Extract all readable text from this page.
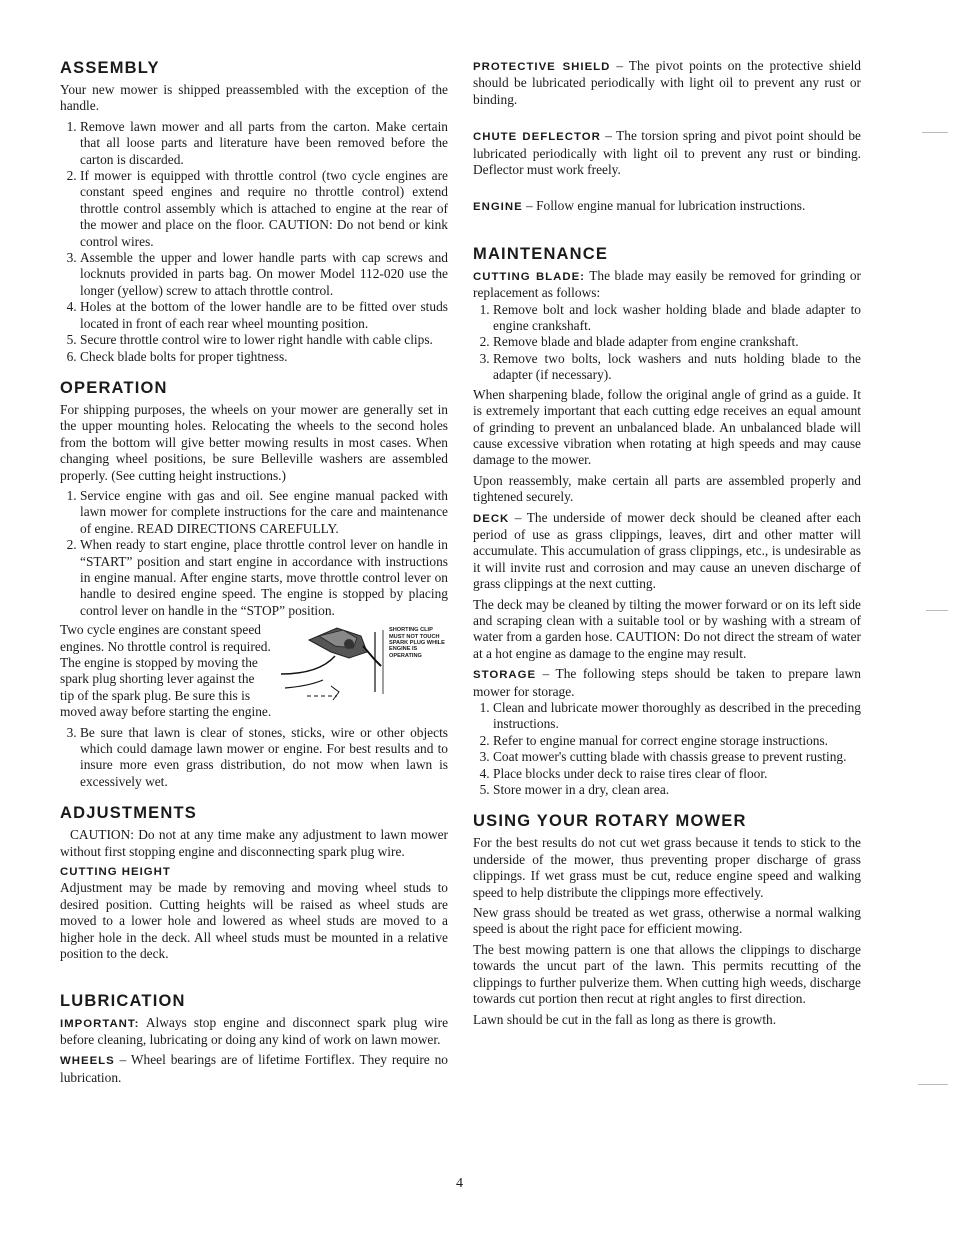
ASSEMBLY

Your new mower is shipped preassembled with the exception of the handle.

1. Remove lawn mower and all parts from the carton. Make certain that all loose parts and literature have been removed before the carton is discarded.
2. If mower is equipped with throttle control (two cycle engines are constant speed engines and require no throttle control) extend throttle control assembly which is attached to engine at the rear of the mower and place on the floor. CAUTION: Do not bend or kink control wires.
3. Assemble the upper and lower handle parts with cap screws and locknuts provided in parts bag. On mower Model 112-020 use the longer (yellow) screw to attach throttle control.
4. Holes at the bottom of the lower handle are to be fitted over studs located in front of each rear wheel mounting position.
5. Secure throttle control wire to lower right handle with cable clips.
6. Check blade bolts for proper tightness.
OPERATION

For shipping purposes, the wheels on your mower are generally set in the upper mounting holes. Relocating the wheels to the second holes from the bottom will give better mowing results in most cases. When changing wheel positions, be sure Belleville washers are assembled properly. (See cutting height instructions.)

1. Service engine with gas and oil. See engine manual packed with lawn mower for complete instructions for the care and maintenance of engine. READ DIRECTIONS CAREFULLY.
2. When ready to start engine, place throttle control lever on handle in “START” position and start engine in accordance with instructions in engine manual. After engine starts, move throttle control lever on handle to desired engine speed. The engine is stopped by placing control lever on handle in the “STOP” position.
SHORTING CLIP MUST NOT TOUCH SPARK PLUG WHILE ENGINE IS OPERATING

Two cycle engines are constant speed engines. No throttle control is required. The engine is stopped by moving the spark plug shorting lever against the tip of the spark plug. Be sure this is moved away before starting the engine.

3. Be sure that lawn is clear of stones, sticks, wire or other objects which could damage lawn mower or engine. For best results and to insure more even grass distribution, do not mow when lawn is excessively wet.
ADJUSTMENTS

CAUTION: Do not at any time make any adjustment to lawn mower without first stopping engine and disconnecting spark plug wire.

CUTTING HEIGHT

Adjustment may be made by removing and moving wheel studs to desired position. Cutting heights will be raised as wheel studs are moved to a lower hole and lowered as wheel studs are moved to a higher hole in the deck. All wheel studs must be mounted in a relative position to the deck.

LUBRICATION

IMPORTANT: Always stop engine and disconnect spark plug wire before cleaning, lubricating or doing any kind of work on lawn mower.

WHEELS – Wheel bearings are of lifetime Fortiflex. They require no lubrication.

PROTECTIVE SHIELD – The pivot points on the protective shield should be lubricated periodically with light oil to prevent any rust or binding.

CHUTE DEFLECTOR – The torsion spring and pivot point should be lubricated periodically with light oil to prevent any rust or binding. Deflector must work freely.

ENGINE – Follow engine manual for lubrication instructions.

MAINTENANCE

CUTTING BLADE: The blade may easily be removed for grinding or replacement as follows:

1. Remove bolt and lock washer holding blade and blade adapter to engine crankshaft.
2. Remove blade and blade adapter from engine crankshaft.
3. Remove two bolts, lock washers and nuts holding blade to the adapter (if necessary).

When sharpening blade, follow the original angle of grind as a guide. It is extremely important that each cutting edge receives an equal amount of grinding to prevent an unbalanced blade. An unbalanced blade will cause excessive vibration when rotating at high speeds and may cause damage to the mower.

Upon reassembly, make certain all parts are assembled properly and tightened securely.

DECK – The underside of mower deck should be cleaned after each period of use as grass clippings, leaves, dirt and other matter will accumulate. This accumulation of grass clippings, etc., is undesirable as it will invite rust and corrosion and may cause an uneven discharge of grass clippings at the next cutting.

The deck may be cleaned by tilting the mower forward or on its left side and scraping clean with a suitable tool or by washing with a stream of water from a garden hose. CAUTION: Do not direct the stream of water at a hot engine as damage to the engine may result.

STORAGE – The following steps should be taken to prepare lawn mower for storage.

1. Clean and lubricate mower thoroughly as described in the preceding instructions.
2. Refer to engine manual for correct engine storage instructions.
3. Coat mower's cutting blade with chassis grease to prevent rusting.
4. Place blocks under deck to raise tires clear of floor.
5. Store mower in a dry, clean area.
USING YOUR ROTARY MOWER

For the best results do not cut wet grass because it tends to stick to the underside of the mower, thus preventing proper discharge of grass clippings. If wet grass must be cut, reduce engine speed and walking speed to help distribute the clippings more effectively.

New grass should be treated as wet grass, otherwise a normal walking speed is about the right pace for efficient mowing.

The best mowing pattern is one that allows the clippings to discharge towards the uncut part of the lawn. This permits recutting of the clippings to further pulverize them. When cutting high weeds, discharge towards cut portion then recut at right angles to first direction.

Lawn should be cut in the fall as long as there is growth.

4
